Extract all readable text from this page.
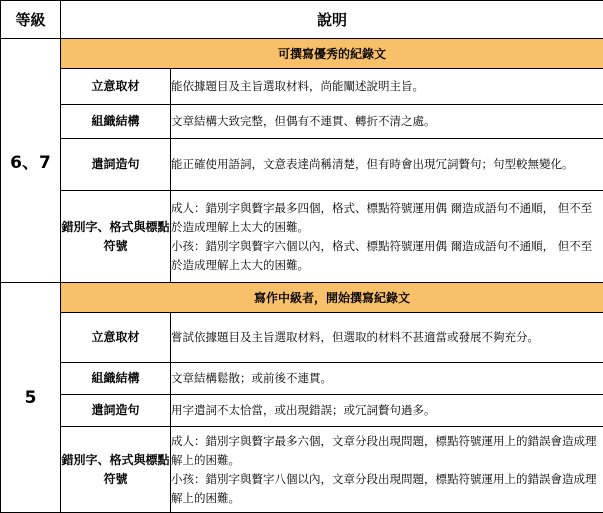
等級	說明	
6、7	可撰寫優秀的紀錄文	
	立意取材	能依據題目及主旨選取材料，尚能闡述說明主旨。

	組織結構	文章結構大致完整，但偶有不連貫、轉折不清之處。

	遣詞造句	能正確使用語詞，文意表達尚稱清楚，但有時會出現冗詞贅句；句型較無變化。

	錯別字、格式與標點符號	成人：錯別字與贅字最多四個，格式、標點符號運用偶 爾造成語句不通順， 但不至於造成理解上太大的困難。
小孩：錯別字與贅字六個以內，格式、標點符號運用偶 爾造成語句不通順， 但不至於造成理解上太大的困難。

5	寫作中級者，開始撰寫紀錄文	
	立意取材	嘗試依據題目及主旨選取材料，但選取的材料不甚適當或發展不夠充分。

	組織結構	文章結構鬆散；或前後不連貫。

	遣詞造句	用字遣詞不太恰當，或出現錯誤；或冗詞贅句過多。

	錯別字、格式與標點符號	成人：錯別字與贅字最多六個，文章分段出現問題，標點符號運用上的錯誤會造成理解上的困難。
小孩：錯別字與贅字八個以內，文章分段出現問題，標點符號運用上的錯誤會造成理解上的困難。
